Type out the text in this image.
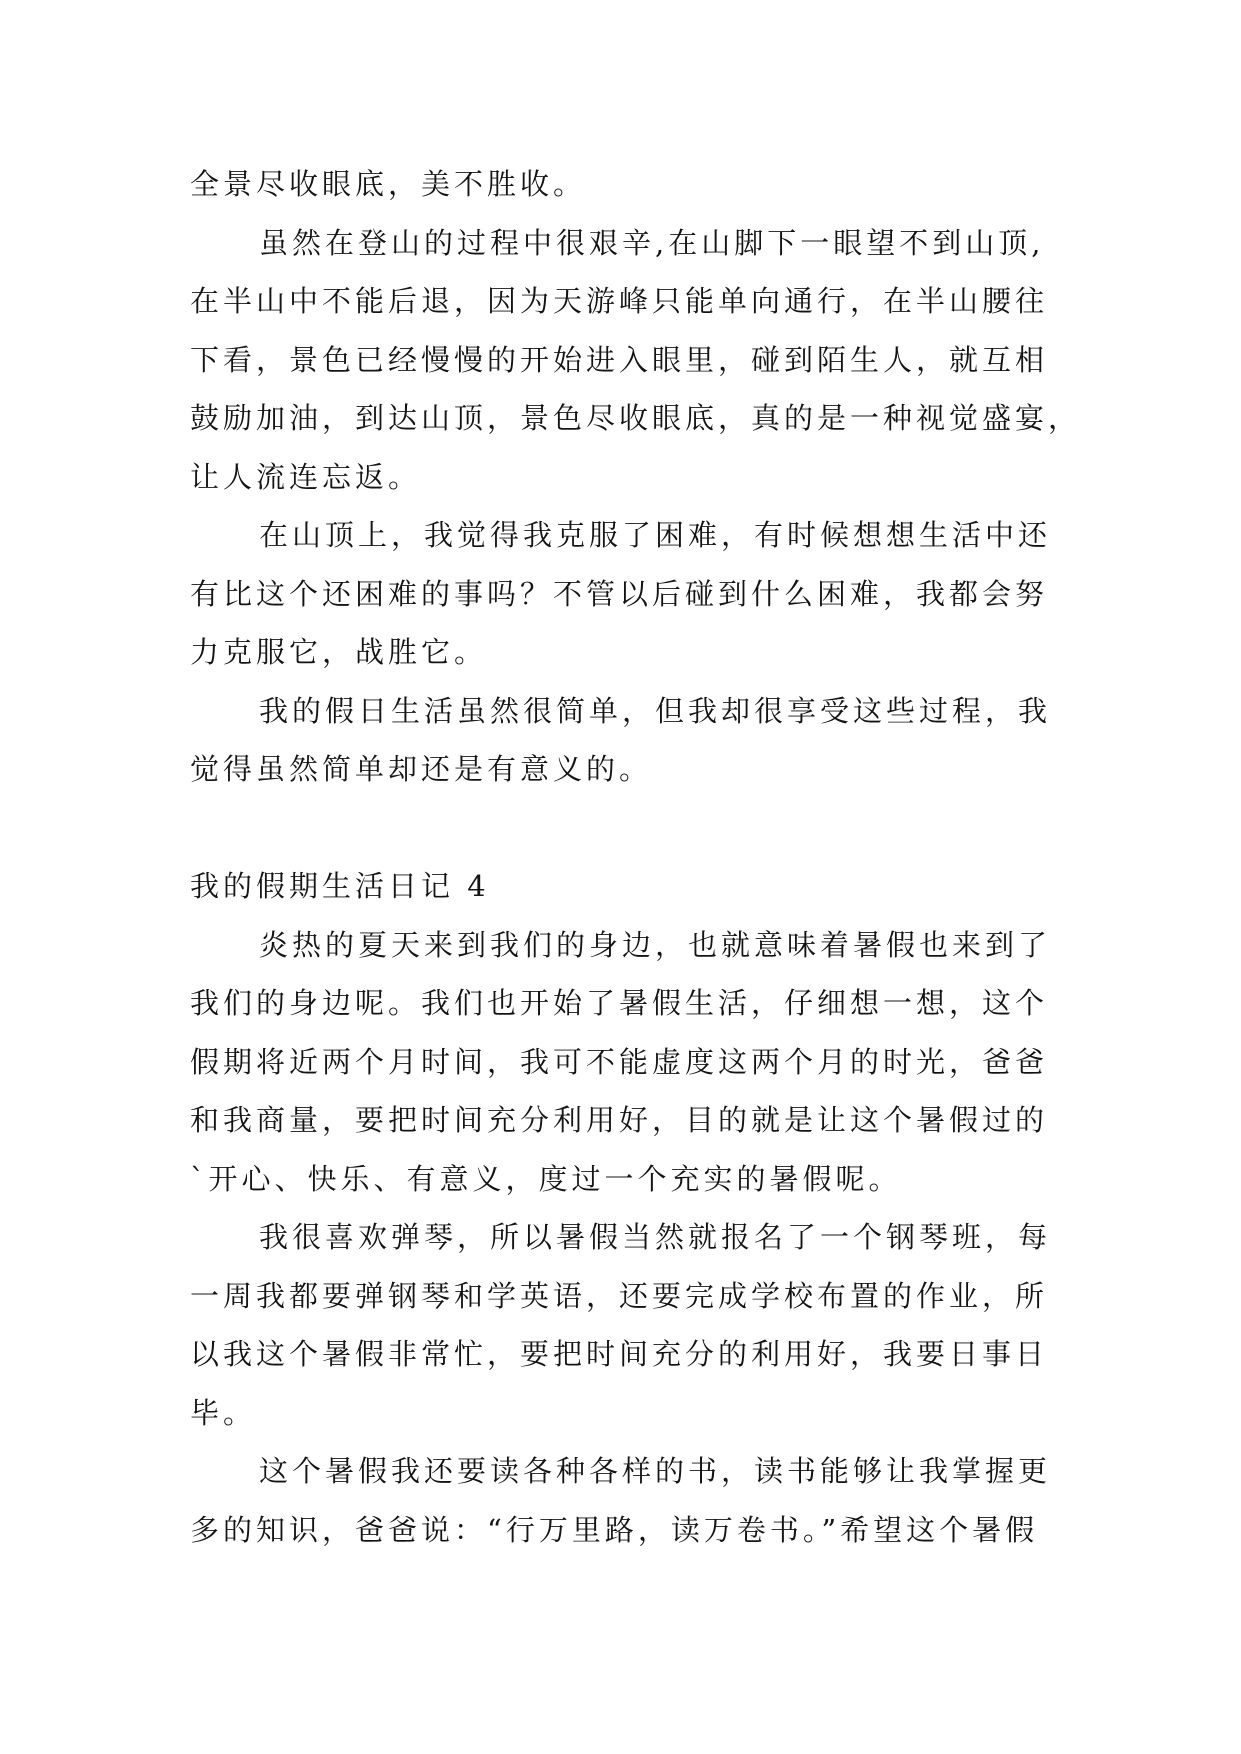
全景尽收眼底，美不胜收。
虽然在登山的过程中很艰辛,在山脚下一眼望不到山顶,
在半山中不能后退，因为天游峰只能单向通行，在半山腰往
下看，景色已经慢慢的开始进入眼里，碰到陌生人，就互相
鼓励加油，到达山顶，景色尽收眼底，真的是一种视觉盛宴，
让人流连忘返。
在山顶上，我觉得我克服了困难，有时候想想生活中还
有比这个还困难的事吗？不管以后碰到什么困难，我都会努
力克服它，战胜它。
我的假日生活虽然很简单，但我却很享受这些过程，我
觉得虽然简单却还是有意义的。
我的假期生活日记 4
炎热的夏天来到我们的身边，也就意味着暑假也来到了
我们的身边呢。我们也开始了暑假生活，仔细想一想，这个
假期将近两个月时间，我可不能虚度这两个月的时光，爸爸
和我商量，要把时间充分利用好，目的就是让这个暑假过的
`开心、快乐、有意义，度过一个充实的暑假呢。
我很喜欢弹琴，所以暑假当然就报名了一个钢琴班，每
一周我都要弹钢琴和学英语，还要完成学校布置的作业，所
以我这个暑假非常忙，要把时间充分的利用好，我要日事日
毕。
这个暑假我还要读各种各样的书，读书能够让我掌握更
多的知识，爸爸说：“行万里路，读万卷书。”希望这个暑假
